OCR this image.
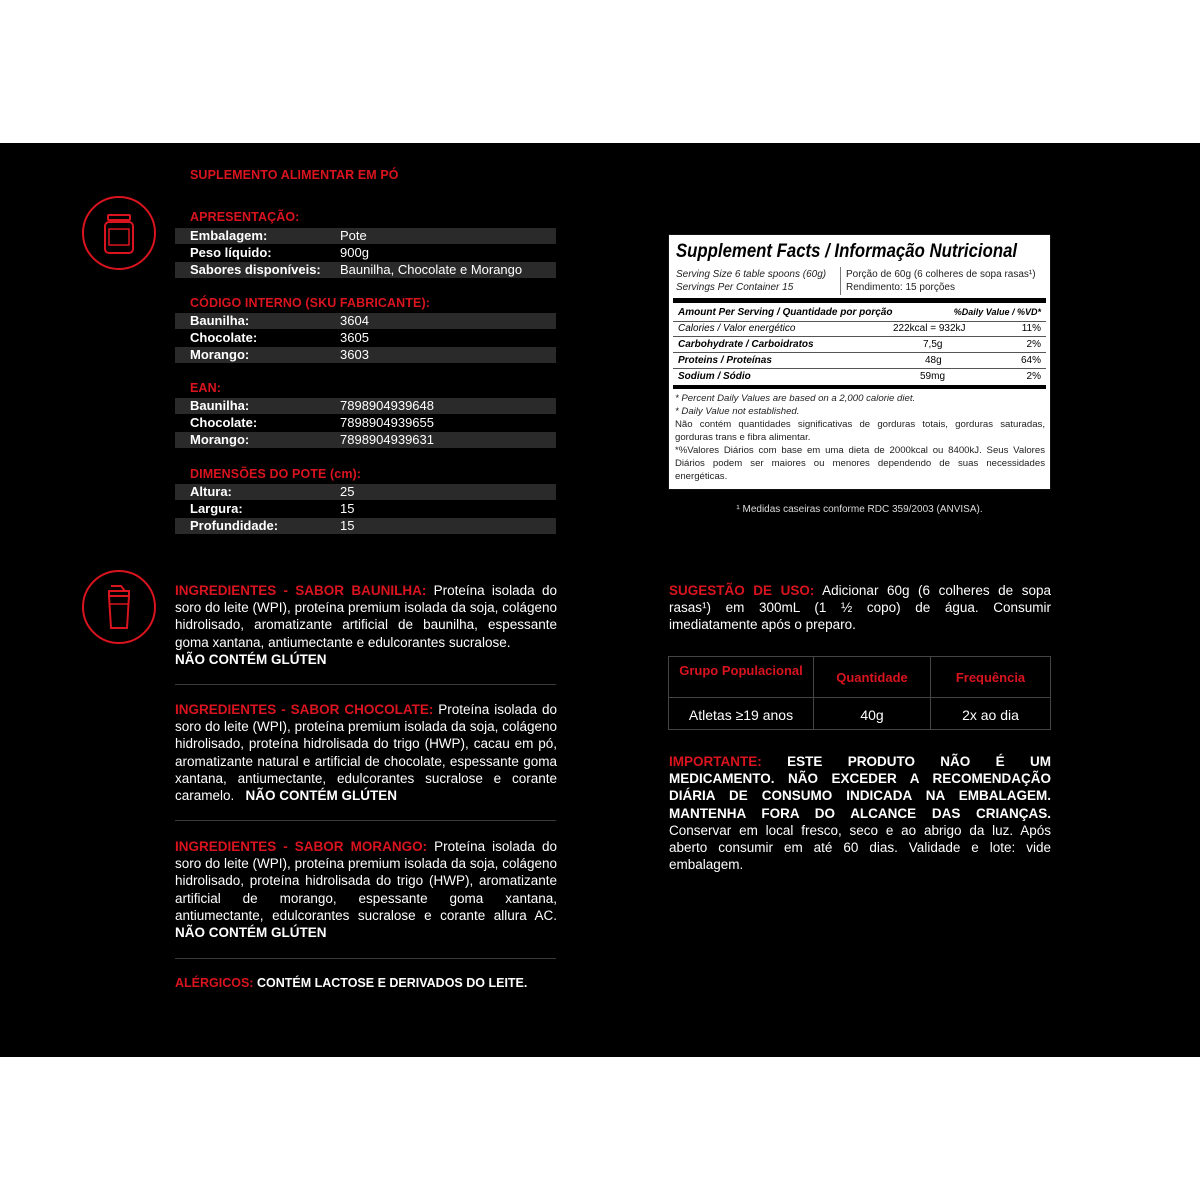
SUPLEMENTO ALIMENTAR EM PÓ
APRESENTAÇÃO:
Embalagem:	Pote
Peso líquido:	900g
Sabores disponíveis: Baunilha, Chocolate e Morango
CÓDIGO INTERNO (SKU FABRICANTE):
Baunilha:	3604
Chocolate:	3605
Morango:	3603
EAN:
Baunilha:	7898904939648
Chocolate:	7898904939655
Morango:	7898904939631
DIMENSÕES DO POTE (cm):
Altura:	25
Largura:	15
Profundidade:	15
INGREDIENTES - SABOR BAUNILHA: Proteína isolada do soro do leite (WPI), proteína premium isolada da soja, colágeno hidrolisado, aromatizante artificial de baunilha, espessante goma xantana, antiumectante e edulcorantes sucralose.
NÃO CONTÉM GLÚTEN
INGREDIENTES - SABOR CHOCOLATE: Proteína isolada do soro do leite (WPI), proteína premium isolada da soja, colágeno hidrolisado, proteína hidrolisada do trigo (HWP), cacau em pó, aromatizante natural e artificial de chocolate, espessante goma xantana, antiumectante, edulcorantes sucralose e corante caramelo. NÃO CONTÉM GLÚTEN
INGREDIENTES - SABOR MORANGO: Proteína isolada do soro do leite (WPI), proteína premium isolada da soja, colágeno hidrolisado, proteína hidrolisada do trigo (HWP), aromatizante artificial de morango, espessante goma xantana, antiumectante, edulcorantes sucralose e corante allura AC. NÃO CONTÉM GLÚTEN
ALÉRGICOS: CONTÉM LACTOSE E DERIVADOS DO LEITE.
Supplement Facts / Informação Nutricional
Serving Size 6 table spoons (60g)
Servings Per Container 15
Porção de 60g (6 colheres de sopa rasas¹)
Rendimento: 15 porções
Amount Per Serving / Quantidade por porção	%Daily Value / %VD*
Calories / Valor energético	222kcal = 932kJ	11%
Carbohydrate / Carboidratos	7,5g	2%
Proteins / Proteínas	48g	64%
Sodium / Sódio	59mg	2%
* Percent Daily Values are based on a 2,000 calorie diet.
* Daily Value not established.
Não contém quantidades significativas de gorduras totais, gorduras saturadas, gorduras trans e fibra alimentar.
*%Valores Diários com base em uma dieta de 2000kcal ou 8400kJ. Seus Valores Diários podem ser maiores ou menores dependendo de suas necessidades energéticas.
¹ Medidas caseiras conforme RDC 359/2003 (ANVISA).
SUGESTÃO DE USO: Adicionar 60g (6 colheres de sopa rasas¹) em 300mL (1 ½ copo) de água. Consumir imediatamente após o preparo.
Grupo Populacional	Quantidade	Frequência
Atletas ≥19 anos	40g	2x ao dia
IMPORTANTE: ESTE PRODUTO NÃO É UM MEDICAMENTO. NÃO EXCEDER A RECOMENDAÇÃO DIÁRIA DE CONSUMO INDICADA NA EMBALAGEM. MANTENHA FORA DO ALCANCE DAS CRIANÇAS. Conservar em local fresco, seco e ao abrigo da luz. Após aberto consumir em até 60 dias. Validade e lote: vide embalagem.
